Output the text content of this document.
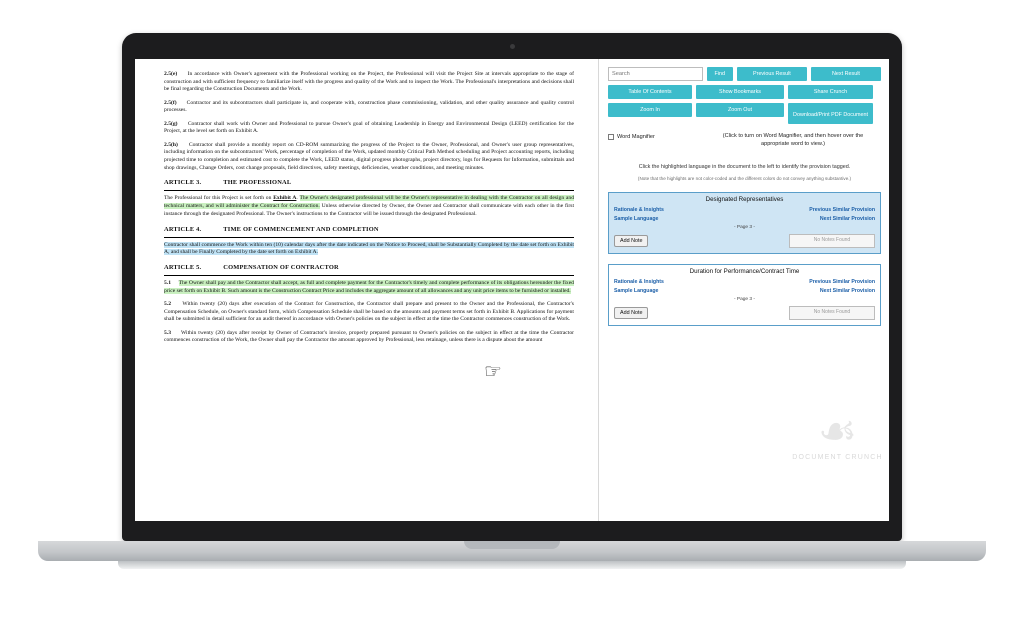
2.5(e) In accordance with Owner's agreement with the Professional working on the Project, the Professional will visit the Project Site at intervals appropriate to the stage of construction and with sufficient frequency to familiarize itself with the progress and quality of the Work and to inspect the Work. The Professional's interpretations and decisions shall be final regarding the Construction Documents and the Work.

2.5(f) Contractor and its subcontractors shall participate in, and cooperate with, construction phase commissioning, validation, and other quality assurance and quality control processes.

2.5(g) Contractor shall work with Owner and Professional to pursue Owner's goal of obtaining Leadership in Energy and Environmental Design (LEED) certification for the Project, at the level set forth on Exhibit A.

2.5(h) Contractor shall provide a monthly report on CD-ROM summarizing the progress of the Project to the Owner, Professional, and Owner's user group representatives, including information on the subcontractors' Work, percentage of completion of the Work, updated monthly Critical Path Method scheduling and Project accounting reports, including projected time to completion and estimated cost to complete the Work, LEED status, digital progress photographs, project directory, logs for Requests for Information, submittals and shop drawings, Change Orders, cost change proposals, field directives, safety meetings, deficiencies, weather conditions, and meeting minutes.

ARTICLE 3.	THE PROFESSIONAL

The Professional for this Project is set forth on Exhibit A. The Owner's designated professional will be the Owner's representative in dealing with the Contractor on all design and technical matters, and will administer the Contract for Construction. Unless otherwise directed by Owner, the Owner and Contractor shall communicate with each other in the first instance through the designated Professional. The Owner's instructions to the Contractor will be issued through the designated Professional.

ARTICLE 4.	TIME OF COMMENCEMENT AND COMPLETION

Contractor shall commence the Work within ten (10) calendar days after the date indicated on the Notice to Proceed, shall be Substantially Completed by the date set forth on Exhibit A, and shall be Finally Completed by the date set forth on Exhibit A.

ARTICLE 5.	COMPENSATION OF CONTRACTOR

5.1 The Owner shall pay and the Contractor shall accept, as full and complete payment for the Contractor's timely and complete performance of its obligations hereunder the fixed price set forth on Exhibit B. Such amount is the Construction Contract Price and includes the aggregate amount of all allowances and any unit price items to be furnished or installed.

5.2 Within twenty (20) days after execution of the Contract for Construction, the Contractor shall prepare and present to the Owner and the Professional, the Contractor's Compensation Schedule, on Owner's standard form, which Compensation Schedule shall be based on the amounts and payment terms set forth in Exhibit B. Applications for payment shall be submitted in detail sufficient for an audit thereof in accordance with Owner's policies on the subject in effect at the time the Contractor commences construction of the Work.

5.3 Within twenty (20) days after receipt by Owner of Contractor's invoice, properly prepared pursuant to Owner's policies on the subject in effect at the time the Contractor commences construction of the Work, the Owner shall pay the Contractor the amount approved by Professional, less retainage, unless there is a dispute about the amount

☞
Search
Find	Previous Result	Next Result
Table Of Contents	Show Bookmarks	Share Crunch
Zoom In	Zoom Out
Download/Print PDF Document
Word Magnifier	(Click to turn on Word Magnifier, and then hover over the appropriate word to view.)
Click the highlighted language in the document to the left to identify the provision tagged.
(Note that the highlights are not color-coded and the different colors do not convey anything substantive.)
Designated Representatives
Rationale & Insights	Previous Similar Provision
Sample Language	Next Similar Provision
- Page 3 -
Add Note	No Notes Found
Duration for Performance/Contract Time
Rationale & Insights	Previous Similar Provision
Sample Language	Next Similar Provision
- Page 3 -
Add Note	No Notes Found
☙
DOCUMENT CRUNCH
